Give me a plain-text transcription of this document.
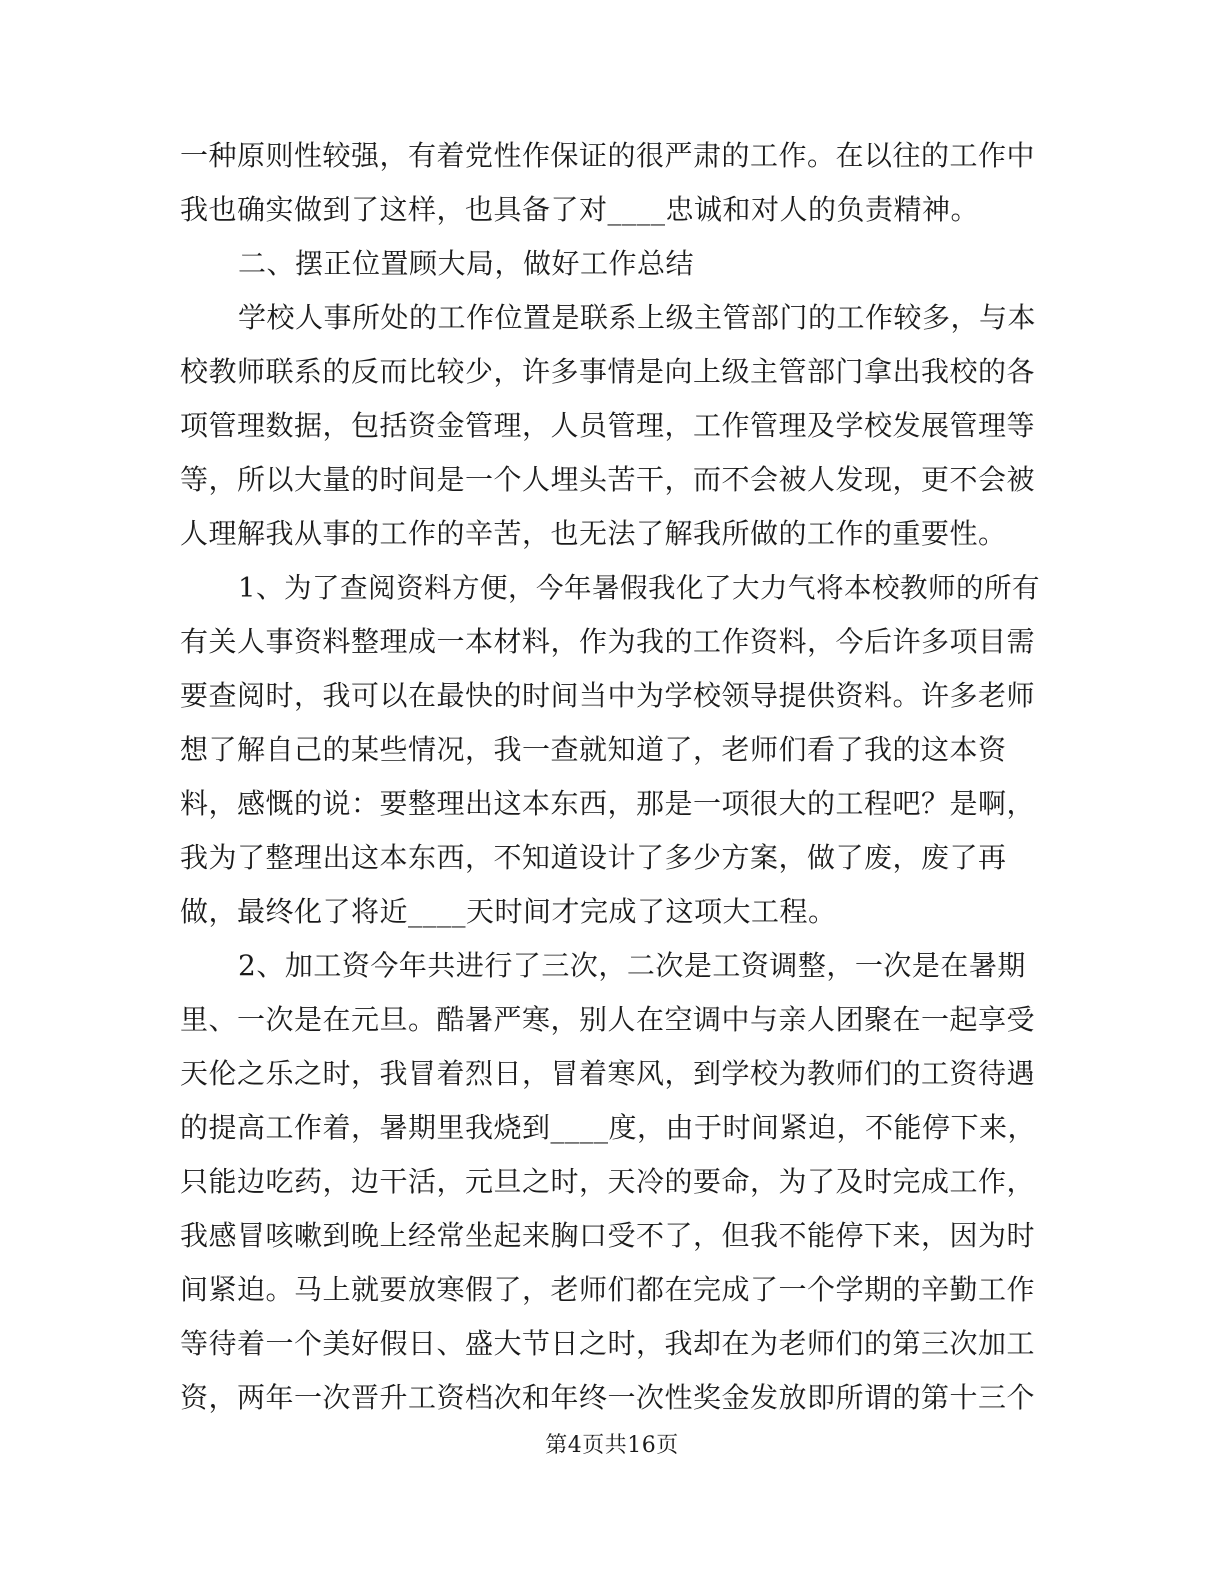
一种原则性较强，有着党性作保证的很严肃的工作。在以往的工作中
我也确实做到了这样，也具备了对____忠诚和对人的负责精神。
二、摆正位置顾大局，做好工作总结
学校人事所处的工作位置是联系上级主管部门的工作较多，与本
校教师联系的反而比较少，许多事情是向上级主管部门拿出我校的各
项管理数据，包括资金管理，人员管理，工作管理及学校发展管理等
等，所以大量的时间是一个人埋头苦干，而不会被人发现，更不会被
人理解我从事的工作的辛苦，也无法了解我所做的工作的重要性。
1、为了查阅资料方便，今年暑假我化了大力气将本校教师的所有
有关人事资料整理成一本材料，作为我的工作资料，今后许多项目需
要查阅时，我可以在最快的时间当中为学校领导提供资料。许多老师
想了解自己的某些情况，我一查就知道了，老师们看了我的这本资
料，感慨的说：要整理出这本东西，那是一项很大的工程吧？是啊，
我为了整理出这本东西，不知道设计了多少方案，做了废，废了再
做，最终化了将近____天时间才完成了这项大工程。
2、加工资今年共进行了三次，二次是工资调整，一次是在暑期
里、一次是在元旦。酷暑严寒，别人在空调中与亲人团聚在一起享受
天伦之乐之时，我冒着烈日，冒着寒风，到学校为教师们的工资待遇
的提高工作着，暑期里我烧到____度，由于时间紧迫，不能停下来，
只能边吃药，边干活，元旦之时，天冷的要命，为了及时完成工作，
我感冒咳嗽到晚上经常坐起来胸口受不了，但我不能停下来，因为时
间紧迫。马上就要放寒假了，老师们都在完成了一个学期的辛勤工作
等待着一个美好假日、盛大节日之时，我却在为老师们的第三次加工
资，两年一次晋升工资档次和年终一次性奖金发放即所谓的第十三个
第4页共16页
